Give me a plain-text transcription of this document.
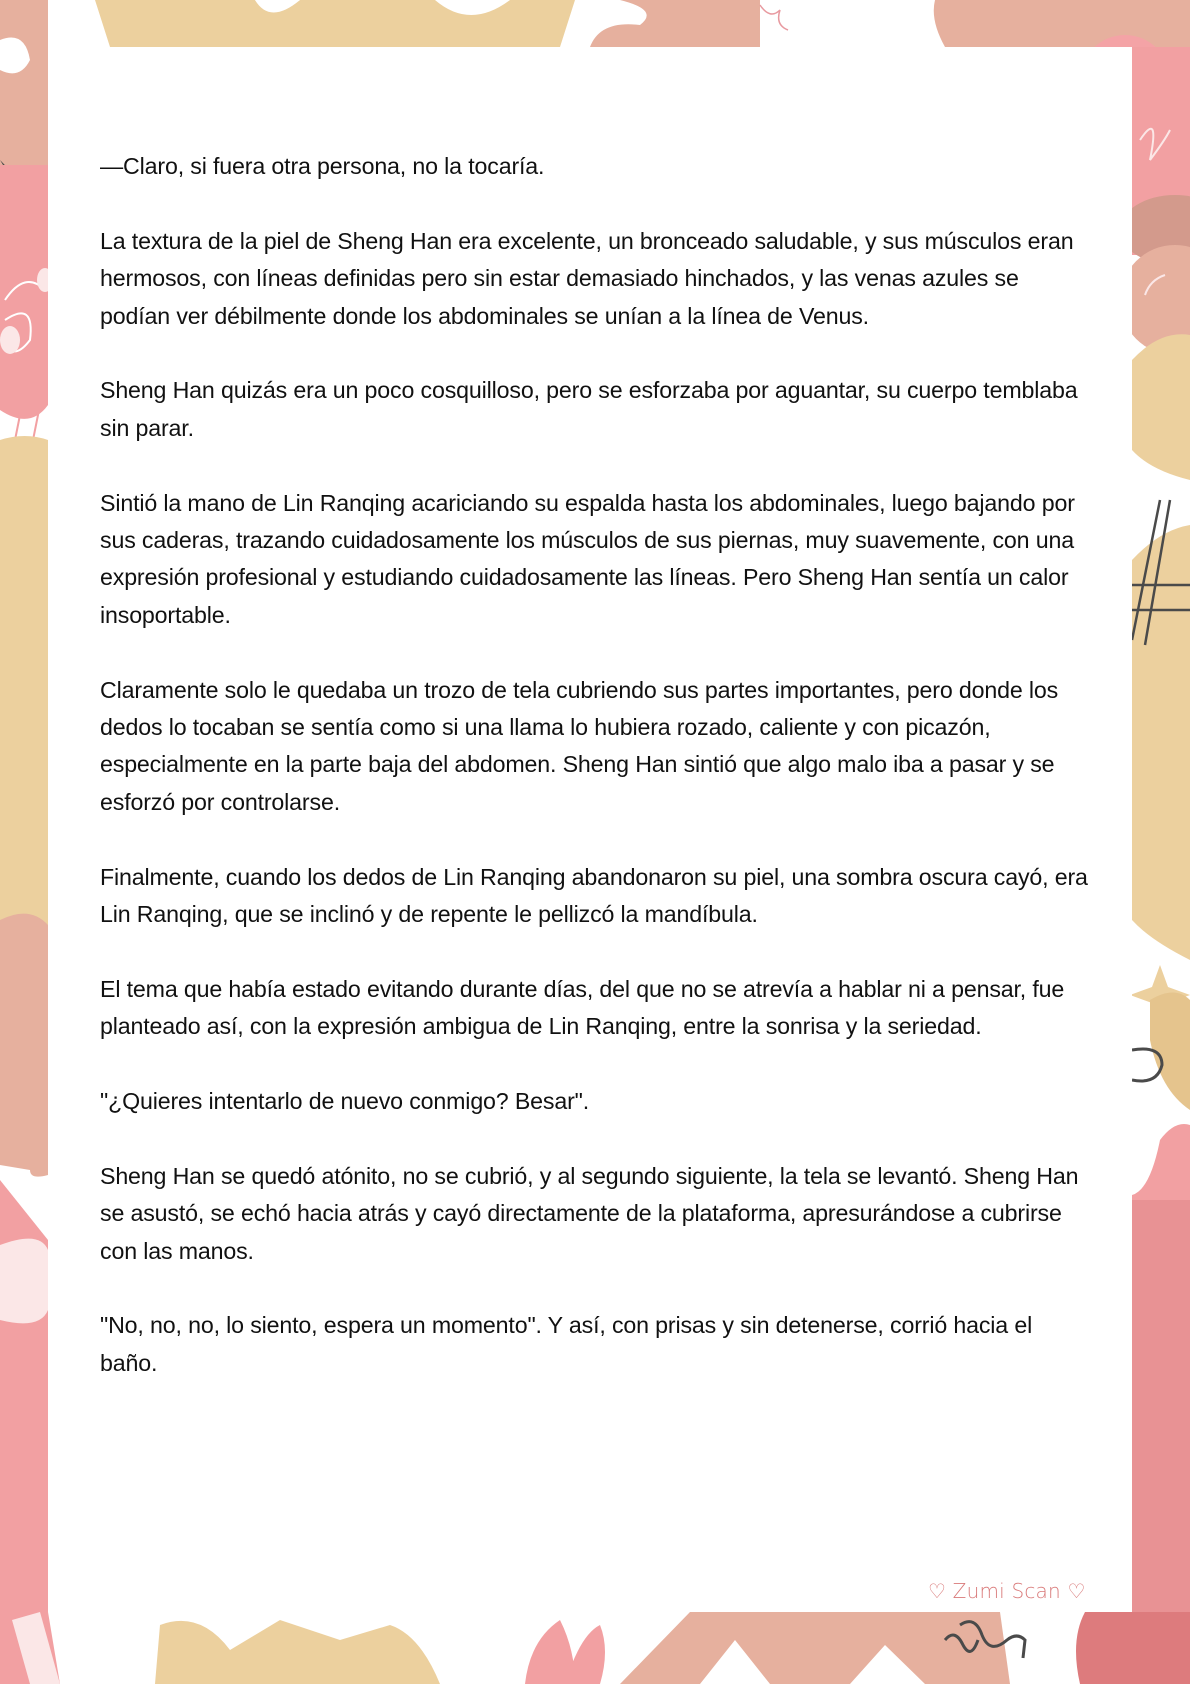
—Claro, si fuera otra persona, no la tocaría.

La textura de la piel de Sheng Han era excelente, un bronceado saludable, y sus músculos eran hermosos, con líneas definidas pero sin estar demasiado hinchados, y las venas azules se podían ver débilmente donde los abdominales se unían a la línea de Venus.

Sheng Han quizás era un poco cosquilloso, pero se esforzaba por aguantar, su cuerpo temblaba sin parar.

Sintió la mano de Lin Ranqing acariciando su espalda hasta los abdominales, luego bajando por sus caderas, trazando cuidadosamente los músculos de sus piernas, muy suavemente, con una expresión profesional y estudiando cuidadosamente las líneas. Pero Sheng Han sentía un calor insoportable.

Claramente solo le quedaba un trozo de tela cubriendo sus partes importantes, pero donde los dedos lo tocaban se sentía como si una llama lo hubiera rozado, caliente y con picazón, especialmente en la parte baja del abdomen. Sheng Han sintió que algo malo iba a pasar y se esforzó por controlarse.

Finalmente, cuando los dedos de Lin Ranqing abandonaron su piel, una sombra oscura cayó, era Lin Ranqing, que se inclinó y de repente le pellizcó la mandíbula.

El tema que había estado evitando durante días, del que no se atrevía a hablar ni a pensar, fue planteado así, con la expresión ambigua de Lin Ranqing, entre la sonrisa y la seriedad.

"¿Quieres intentarlo de nuevo conmigo? Besar".

Sheng Han se quedó atónito, no se cubrió, y al segundo siguiente, la tela se levantó. Sheng Han se asustó, se echó hacia atrás y cayó directamente de la plataforma, apresurándose a cubrirse con las manos.

"No, no, no, lo siento, espera un momento". Y así, con prisas y sin detenerse, corrió hacia el baño.

♡ Zumi Scan ♡
